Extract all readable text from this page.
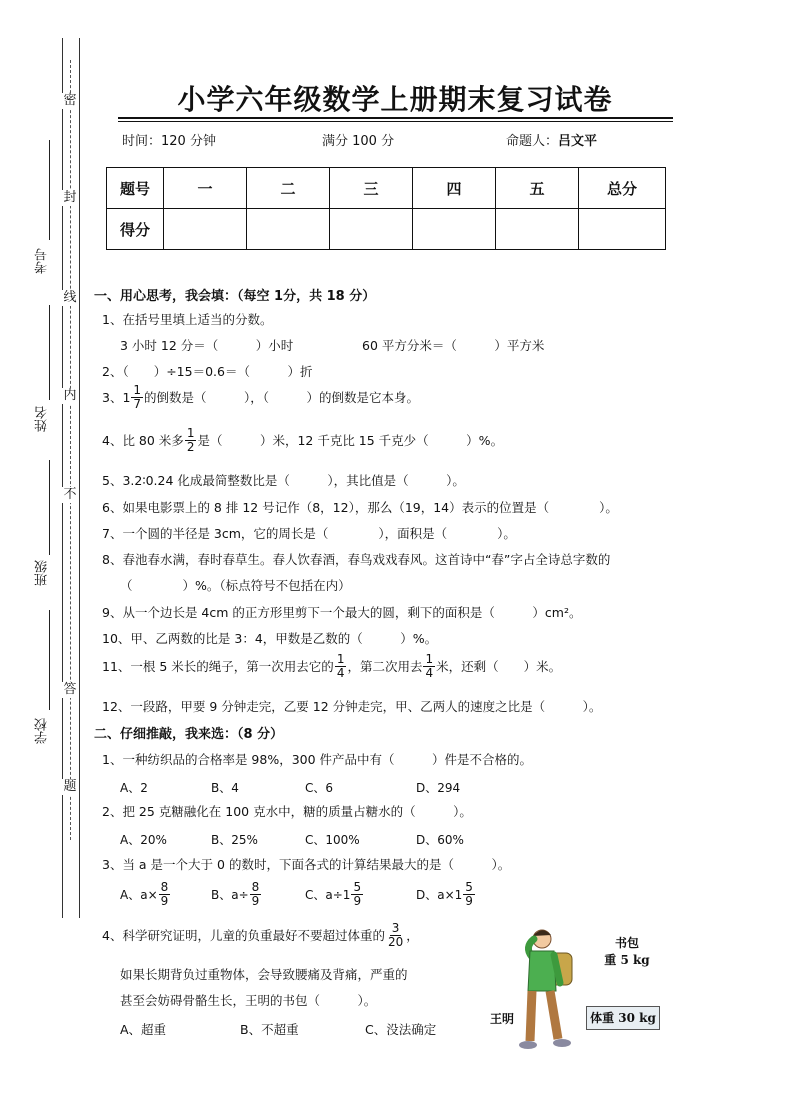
密
封
线
内
不
答
题
考号
姓名
班级
学校
小学六年级数学上册期末复习试卷
时间：120 分钟	满分 100 分	命题人：吕文平
题号	一	二	三	四	五	总分
得分						
一、用心思考，我会填：（每空 1分，共 18 分）
1、在括号里填上适当的分数。
3 小时 12 分＝（　　　）小时	60 平方分米＝（　　　）平方米
2、（　　）÷15＝0.6＝（　　　）折
3、$1 \frac{1}{7}$ 的倒数是（　　　），（　　　）的倒数是它本身。
4、比 80 米多 $\frac{1}{2}$ 是（　　　）米，12 千克比 15 千克少（　　　）%。
5、3.2∶0.24 化成最简整数比是（　　　），其比值是（　　　）。
6、如果电影票上的 8 排 12 号记作（8，12），那么（19，14）表示的位置是（　　　　）。
7、一个圆的半径是 3cm，它的周长是（　　　　），面积是（　　　　）。
8、春池春水满，春时春草生。春人饮春酒，春鸟戏戏春风。这首诗中“春”字占全诗总字数的
（　　　　）%。（标点符号不包括在内）
9、从一个边长是 4cm 的正方形里剪下一个最大的圆，剩下的面积是（　　　）cm²。
10、甲、乙两数的比是 3：4，甲数是乙数的（　　　）%。
11、一根 5 米长的绳子，第一次用去它的 $\frac{1}{4}$ ，第二次用去 $\frac{1}{4}$ 米，还剩（　　）米。
12、一段路，甲要 9 分钟走完，乙要 12 分钟走完，甲、乙两人的速度之比是（　　　）。
二、仔细推敲，我来选：（8 分）
1、一种纺织品的合格率是 98%，300 件产品中有（　　　）件是不合格的。
A、2	B、4	C、6	D、294
2、把 25 克糖融化在 100 克水中，糖的质量占糖水的（　　　）。
A、20%	B、25%	C、100%	D、60%
3、当 a 是一个大于 0 的数时，下面各式的计算结果最大的是（　　　）。
A、$a\times \frac{8}{9}$	B、$a\div \frac{8}{9}$	C、$a\div 1 \frac{5}{9}$	D、$a\times 1 \frac{5}{9}$
4、科学研究证明，儿童的负重最好不要超过体重的 $\frac{3}{20}$ ，
如果长期背负过重物体，会导致腰痛及背痛，严重的
甚至会妨碍骨骼生长，王明的书包（　　　）。
A、超重	B、不超重	C、没法确定
书包
重 5 kg
王明	体重 30 kg
